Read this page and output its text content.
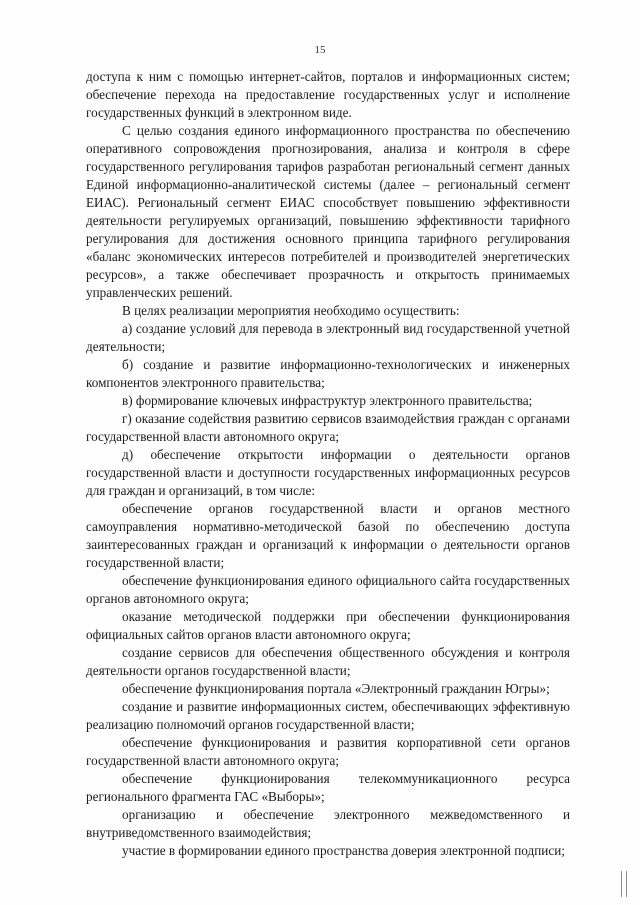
15

доступа к ним с помощью интернет-сайтов, порталов и информационных систем; обеспечение перехода на предоставление государственных услуг и исполнение государственных функций в электронном виде.

С целью создания единого информационного пространства по обеспечению оперативного сопровождения прогнозирования, анализа и контроля в сфере государственного регулирования тарифов разработан региональный сегмент данных Единой информационно-аналитической системы (далее – региональный сегмент ЕИАС). Региональный сегмент ЕИАС способствует повышению эффективности деятельности регулируемых организаций, повышению эффективности тарифного регулирования для достижения основного принципа тарифного регулирования «баланс экономических интересов потребителей и производителей энергетических ресурсов», а также обеспечивает прозрачность и открытость принимаемых управленческих решений.

В целях реализации мероприятия необходимо осуществить:

а) создание условий для перевода в электронный вид государственной учетной деятельности;

б) создание и развитие информационно-технологических и инженерных компонентов электронного правительства;

в) формирование ключевых инфраструктур электронного правительства;

г) оказание содействия развитию сервисов взаимодействия граждан с органами государственной власти автономного округа;

д) обеспечение открытости информации о деятельности органов государственной власти и доступности государственных информационных ресурсов для граждан и организаций, в том числе:

обеспечение органов государственной власти и органов местного самоуправления нормативно-методической базой по обеспечению доступа заинтересованных граждан и организаций к информации о деятельности органов государственной власти;

обеспечение функционирования единого официального сайта государственных органов автономного округа;

оказание методической поддержки при обеспечении функционирования официальных сайтов органов власти автономного округа;

создание сервисов для обеспечения общественного обсуждения и контроля деятельности органов государственной власти;

обеспечение функционирования портала «Электронный гражданин Югры»;

создание и развитие информационных систем, обеспечивающих эффективную реализацию полномочий органов государственной власти;

обеспечение функционирования и развития корпоративной сети органов государственной власти автономного округа;

обеспечение функционирования телекоммуникационного ресурса регионального фрагмента ГАС «Выборы»;

организацию и обеспечение электронного межведомственного и внутриведомственного взаимодействия;

участие в формировании единого пространства доверия электронной подписи;
